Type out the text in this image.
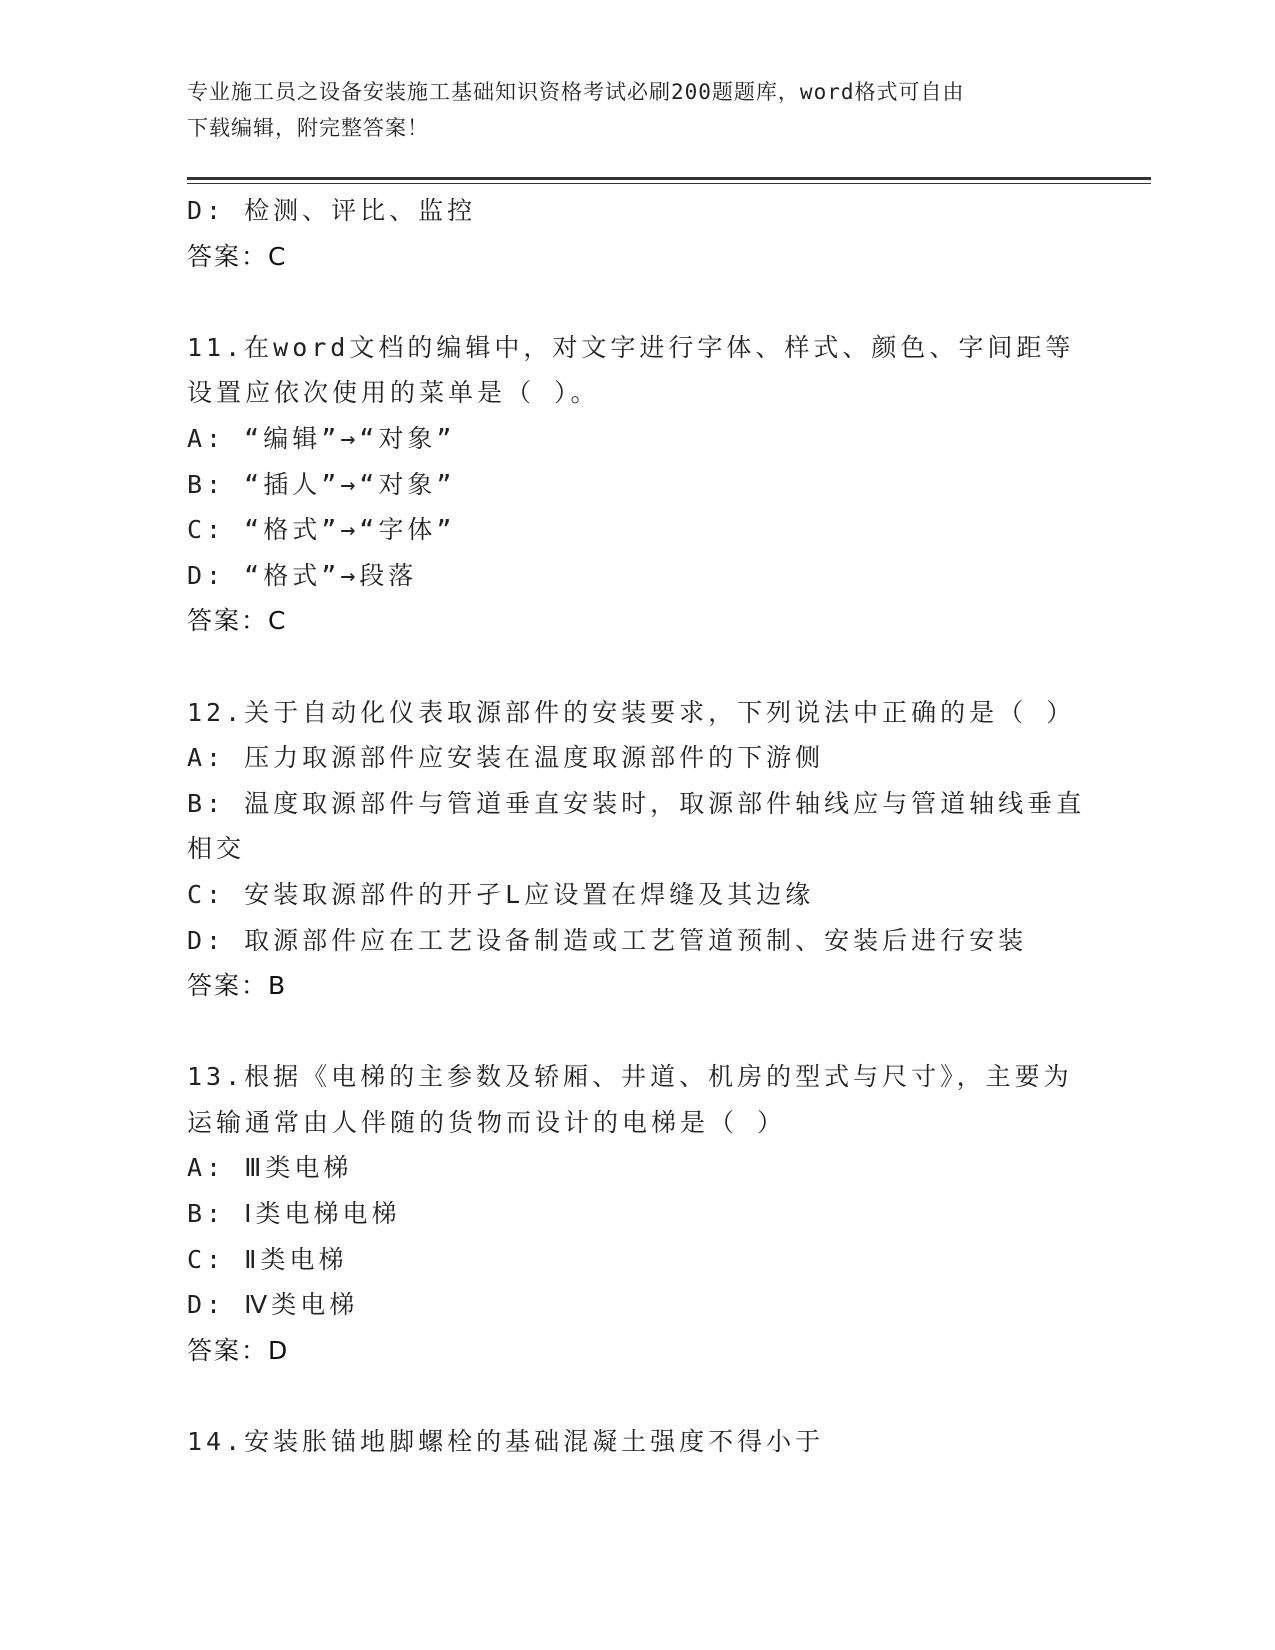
专业施工员之设备安装施工基础知识资格考试必刷200题题库，word格式可自由
下载编辑，附完整答案！

D: 检测、评比、监控

答案：C

11.在word文档的编辑中，对文字进行字体、样式、颜色、字间距等

设置应依次使用的菜单是（ ）。

A: “编辑”→“对象”

B: “插人”→“对象”

C: “格式”→“字体”

D: “格式”→段落

答案：C

12.关于自动化仪表取源部件的安装要求，下列说法中正确的是（ ）

A: 压力取源部件应安装在温度取源部件的下游侧

B: 温度取源部件与管道垂直安装时，取源部件轴线应与管道轴线垂直

相交

C: 安装取源部件的开孑L应设置在焊缝及其边缘

D: 取源部件应在工艺设备制造或工艺管道预制、安装后进行安装

答案：B

13.根据《电梯的主参数及轿厢、井道、机房的型式与尺寸》，主要为

运输通常由人伴随的货物而设计的电梯是（ ）

A: Ⅲ类电梯

B: Ⅰ类电梯电梯

C: Ⅱ类电梯

D: Ⅳ类电梯

答案：D

14.安装胀锚地脚螺栓的基础混凝土强度不得小于
